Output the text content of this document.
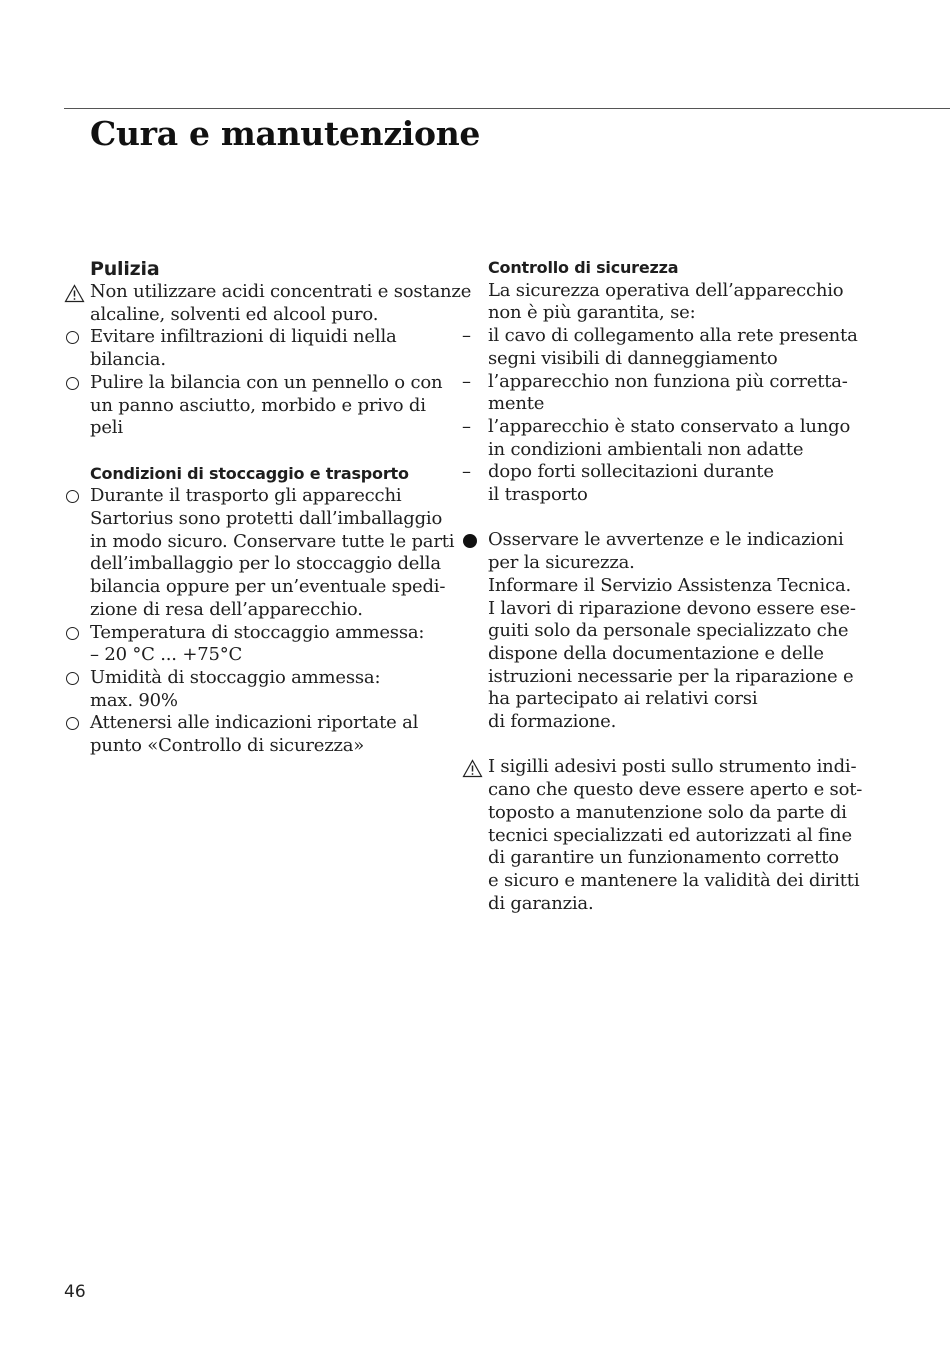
Cura e manutenzione
Pulizia
Non utilizzare acidi concentrati e sostanze
alcaline, solventi ed alcool puro.
Evitare infiltrazioni di liquidi nella
bilancia.
Pulire la bilancia con un pennello o con
un panno asciutto, morbido e privo di
peli
Condizioni di stoccaggio e trasporto
Durante il trasporto gli apparecchi
Sartorius sono protetti dall’imballaggio
in modo sicuro. Conservare tutte le parti
dell’imballaggio per lo stoccaggio della
bilancia oppure per un’eventuale spedi-
zione di resa dell’apparecchio.
Temperatura di stoccaggio ammessa:
– 20 °C ... +75°C
Umidità di stoccaggio ammessa:
max. 90%
Attenersi alle indicazioni riportate al
punto «Controllo di sicurezza»
Controllo di sicurezza
La sicurezza operativa dell’apparecchio
non è più garantita, se:
–
il cavo di collegamento alla rete presenta
segni visibili di danneggiamento
–
l’apparecchio non funziona più corretta-
mente
–
l’apparecchio è stato conservato a lungo
in condizioni ambientali non adatte
–
dopo forti sollecitazioni durante
il trasporto
Osservare le avvertenze e le indicazioni
per la sicurezza.
Informare il Servizio Assistenza Tecnica.
I lavori di riparazione devono essere ese-
guiti solo da personale specializzato che
dispone della documentazione e delle
istruzioni necessarie per la riparazione e
ha partecipato ai relativi corsi
di formazione.
I sigilli adesivi posti sullo strumento indi-
cano che questo deve essere aperto e sot-
toposto a manutenzione solo da parte di
tecnici specializzati ed autorizzati al fine
di garantire un funzionamento corretto
e sicuro e mantenere la validità dei diritti
di garanzia.
46
